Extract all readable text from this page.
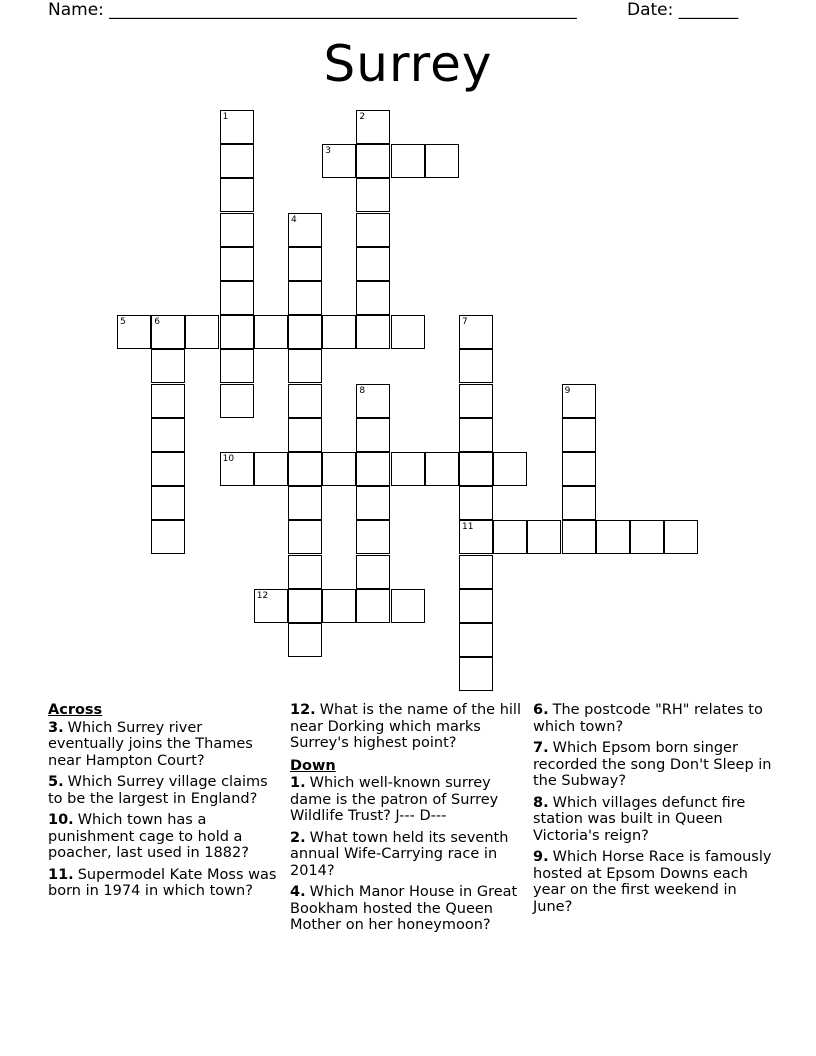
Name: _______________________________________________________	Date: _______
Surrey
1	2
3
4
5	6	7
11
8	9
10
12
Across
3. Which Surrey river eventually joins the Thames near Hampton Court?
5. Which Surrey village claims to be the largest in England?
10. Which town has a punishment cage to hold a poacher, last used in 1882?
11. Supermodel Kate Moss was born in 1974 in which town?
12. What is the name of the hill near Dorking which marks Surrey's highest point?
Down
1. Which well-known surrey dame is the patron of Surrey Wildlife Trust? J--- D---
2. What town held its seventh annual Wife-Carrying race in 2014?
4. Which Manor House in Great Bookham hosted the Queen Mother on her honeymoon?
6. The postcode "RH" relates to which town?
7. Which Epsom born singer recorded the song Don't Sleep in the Subway?
8. Which villages defunct fire station was built in Queen Victoria's reign?
9. Which Horse Race is famously hosted at Epsom Downs each year on the first weekend in June?
